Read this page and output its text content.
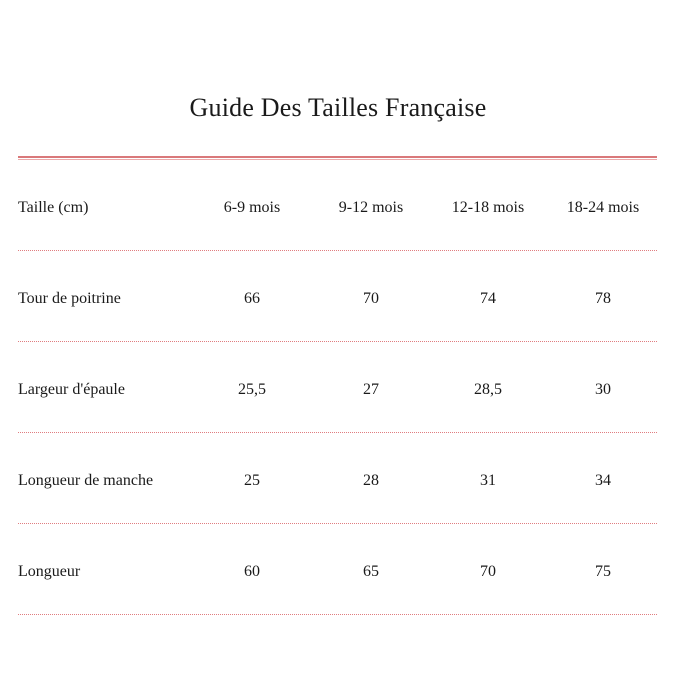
Guide Des Tailles Française
Taille (cm)	6-9 mois	9-12 mois	12-18 mois	18-24 mois
Tour de poitrine	66	70	74	78
Largeur d'épaule	25,5	27	28,5	30
Longueur de manche	25	28	31	34
Longueur	60	65	70	75
